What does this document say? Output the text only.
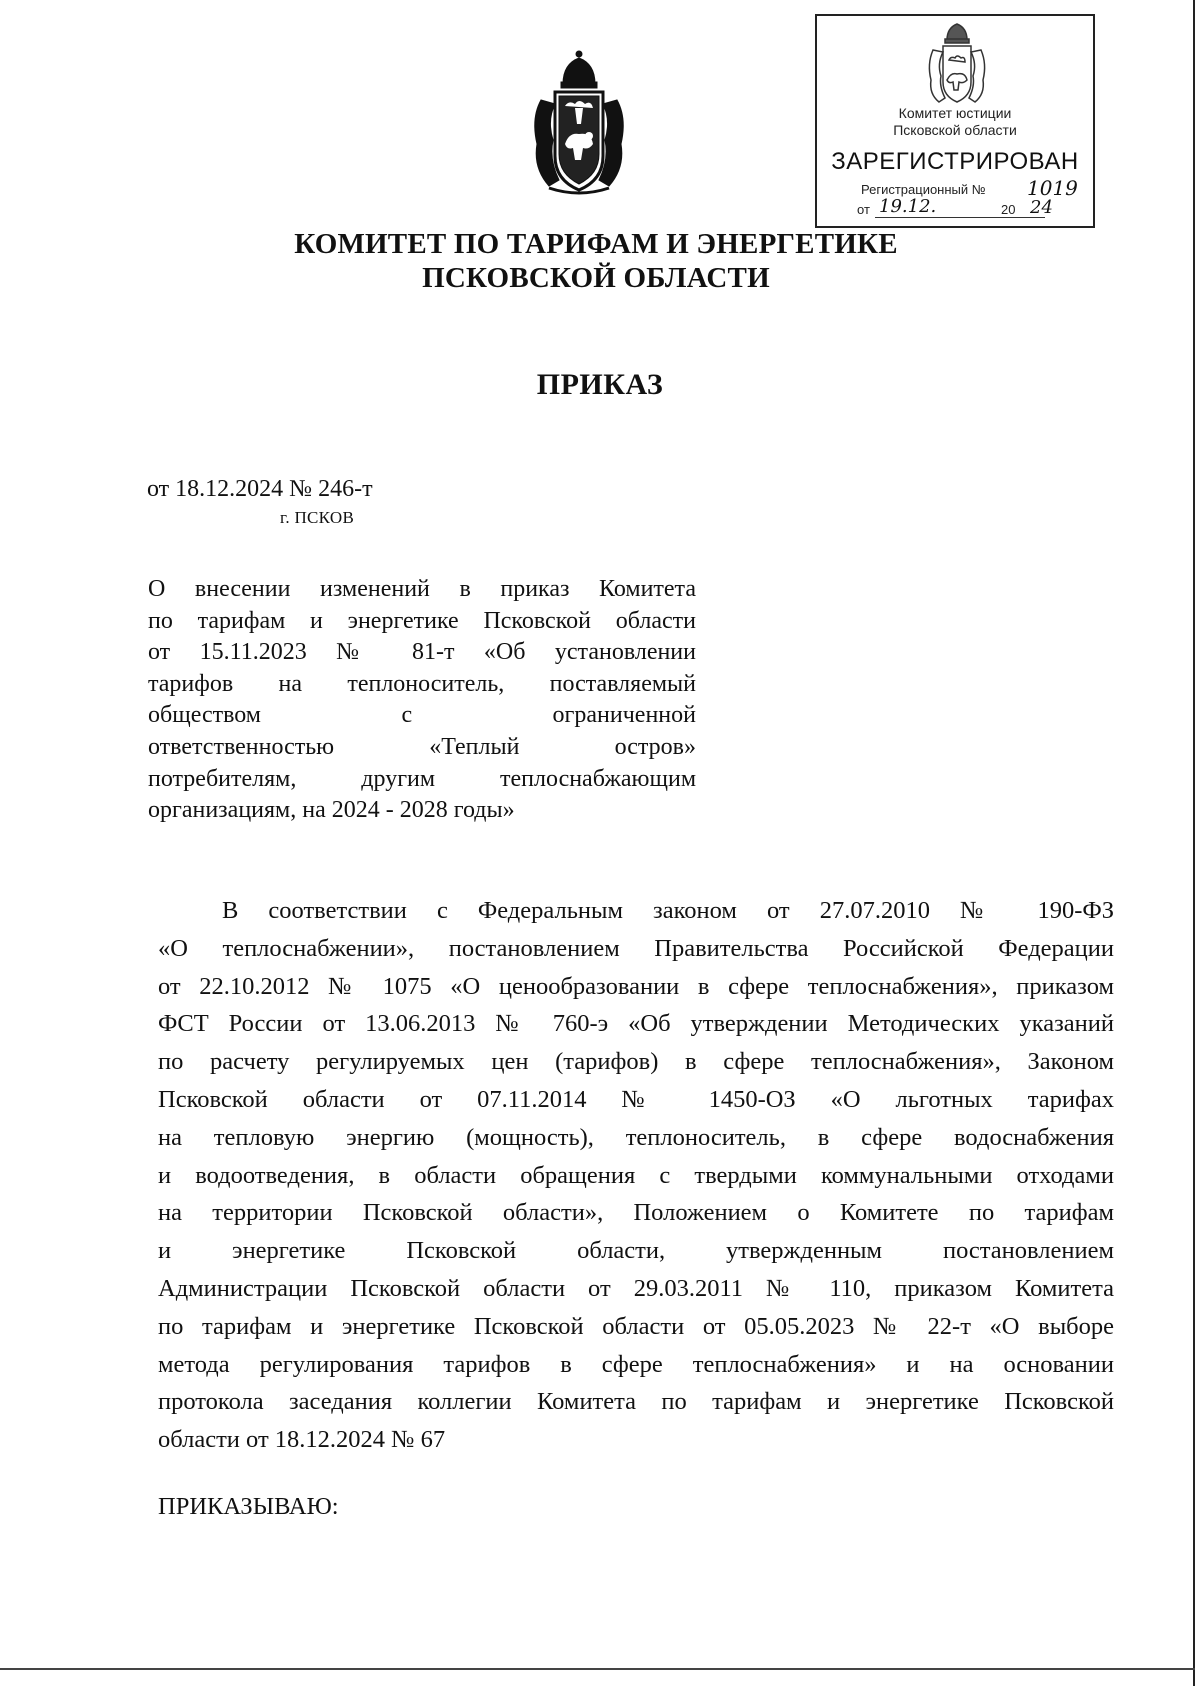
Комитет юстиции
Псковской области
ЗАРЕГИСТРИРОВАН
Регистрационный № 1019
от 19.12.	20 24
КОМИТЕТ ПО ТАРИФАМ И ЭНЕРГЕТИКЕ
ПСКОВСКОЙ ОБЛАСТИ
ПРИКАЗ
от 18.12.2024 № 246-т
г. ПСКОВ
О внесении изменений в приказ Комитета
по тарифам и энергетике Псковской области
от 15.11.2023 № 81-т «Об установлении
тарифов на теплоноситель, поставляемый
обществом с ограниченной
ответственностью «Теплый остров»
потребителям, другим теплоснабжающим
организациям, на 2024 - 2028 годы»
В соответствии с Федеральным законом от 27.07.2010 № 190-ФЗ
«О теплоснабжении», постановлением Правительства Российской Федерации
от 22.10.2012 № 1075 «О ценообразовании в сфере теплоснабжения», приказом
ФСТ России от 13.06.2013 № 760-э «Об утверждении Методических указаний
по расчету регулируемых цен (тарифов) в сфере теплоснабжения», Законом
Псковской области от 07.11.2014 № 1450-ОЗ «О льготных тарифах
на тепловую энергию (мощность), теплоноситель, в сфере водоснабжения
и водоотведения, в области обращения с твердыми коммунальными отходами
на территории Псковской области», Положением о Комитете по тарифам
и энергетике Псковской области, утвержденным постановлением
Администрации Псковской области от 29.03.2011 № 110, приказом Комитета
по тарифам и энергетике Псковской области от 05.05.2023 № 22-т «О выборе
метода регулирования тарифов в сфере теплоснабжения» и на основании
протокола заседания коллегии Комитета по тарифам и энергетике Псковской
области от 18.12.2024 № 67
ПРИКАЗЫВАЮ:
